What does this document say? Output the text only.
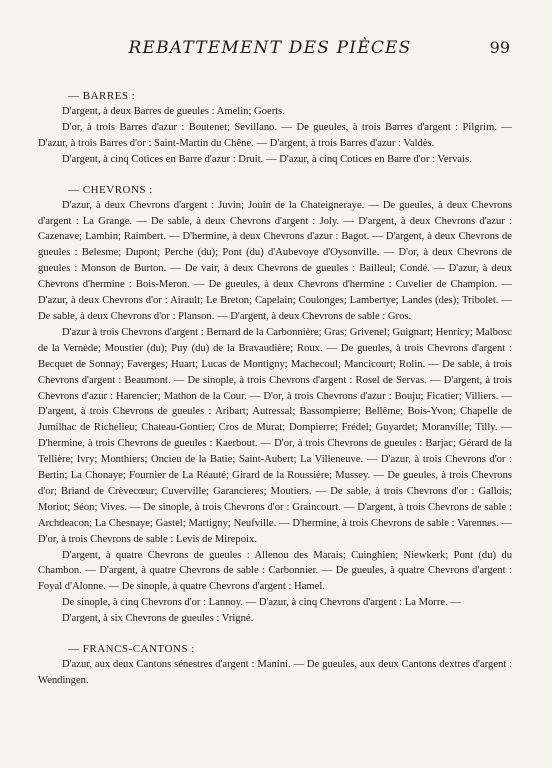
REBATTEMENT DES PIÈCES	99

— BARRES :

D'argent, à deux Barres de gueules : Amelin; Goerts.

D'or, à trois Barres d'azur : Boutenet; Sevillano. — De gueules, à trois Barres d'argent : Pilgrim. — D'azur, à trois Barres d'or : Saint-Martin du Chêne. — D'argent, à trois Barres d'azur : Valdès.

D'argent, à cinq Cotices en Barre d'azur : Druit. — D'azur, à cinq Cotices en Barre d'or : Vervais.

— CHEVRONS :

D'azur, à deux Chevrons d'argent : Juvin; Jouin de la Chateigneraye. — De gueules, à deux Chevrons d'argent : La Grange. — De sable, à deux Chevrons d'argent : Joly. — D'argent, à deux Chevrons d'azur : Cazenave; Lambin; Raimbert. — D'hermine, à deux Chevrons d'azur : Bagot. — D'argent, à deux Chevrons de gueules : Belesme; Dupont; Perche (du); Pont (du) d'Aubevoye d'Oysonville. — D'or, à deux Chevrons de gueules : Monson de Burton. — De vair, à deux Chevrons de gueules : Bailleul; Condé. — D'azur, à deux Chevrons d'hermine : Bois-Meron. — De gueules, à deux Chevrons d'hermine : Cuvelier de Champion. — D'azur, à deux Chevrons d'or : Airault; Le Breton; Capelain; Coulonges; Lambertye; Landes (des); Tribolet. — De sable, à deux Chevrons d'or : Planson. — D'argent, à deux Chevrons de sable : Gros.

D'azur à trois Chevrons d'argent : Bernard de la Carbonnière; Gras; Grivenel; Guignart; Henricy; Malbosc de la Vernède; Moustier (du); Puy (du) de la Bravaudière; Roux. — De gueules, à trois Chevrons d'argent : Becquet de Sonnay; Faverges; Huart; Lucas de Montigny; Machecoul; Mancicourt; Rolin. — De sable, à trois Chevrons d'argent : Beaumont. — De sinople, à trois Chevrons d'argent : Rosel de Servas. — D'argent, à trois Chevrons d'azur : Harencier; Mathon de la Cour. — D'or, à trois Chevrons d'azur : Bouju; Ficatier; Villiers. — D'argent, à trois Chevrons de gueules : Aribart; Autressal; Bassompierre; Bellême; Bois-Yvon; Chapelle de Jumilhac de Richelieu; Chateau-Gontier; Cros de Murat; Dompierre; Frédel; Guyardet; Moranville; Tilly. — D'hermine, à trois Chevrons de gueules : Kaerbout. — D'or, à trois Chevrons de gueules : Barjac; Gérard de la Tellière; Ivry; Monthiers; Oncieu de la Batie; Saint-Aubert; La Villeneuve. — D'azur, à trois Chevrons d'or : Bertin; La Chonaye; Fournier de La Réauté; Girard de la Roussière; Mussey. — De gueules, à trois Chevrons d'or; Briand de Crèvecœur; Cuverville; Garancieres; Moutiers. — De sable, à trois Chevrons d'or : Gallois; Moriot; Séon; Vives. — De sinople, à trois Chevrons d'or : Graincourt. — D'argent, à trois Chevrons de sable : Archdeacon; La Chesnaye; Gastel; Martigny; Neufville. — D'hermine, à trois Chevrons de sable : Varennes. — D'or, à trois Chevrons de sable : Levis de Mirepoix.

D'argent, à quatre Chevrons de gueules : Allenou des Marais; Cuinghien; Niewkerk; Pont (du) du Chambon. — D'argent, à quatre Chevrons de sable : Carbonnier. — De gueules, à quatre Chevrons d'argent : Foyal d'Alonne. — De sinople, à quatre Chevrons d'argent : Hamel.

De sinople, à cinq Chevrons d'or : Lannoy. — D'azur, à cinq Chevrons d'argent : La Morre. —

D'argent, à six Chevrons de gueules : Vrigné.

— FRANCS-CANTONS :

D'azur, aux deux Cantons sénestres d'argent : Manini. — De gueules, aux deux Cantons dextres d'argent : Wendingen.
